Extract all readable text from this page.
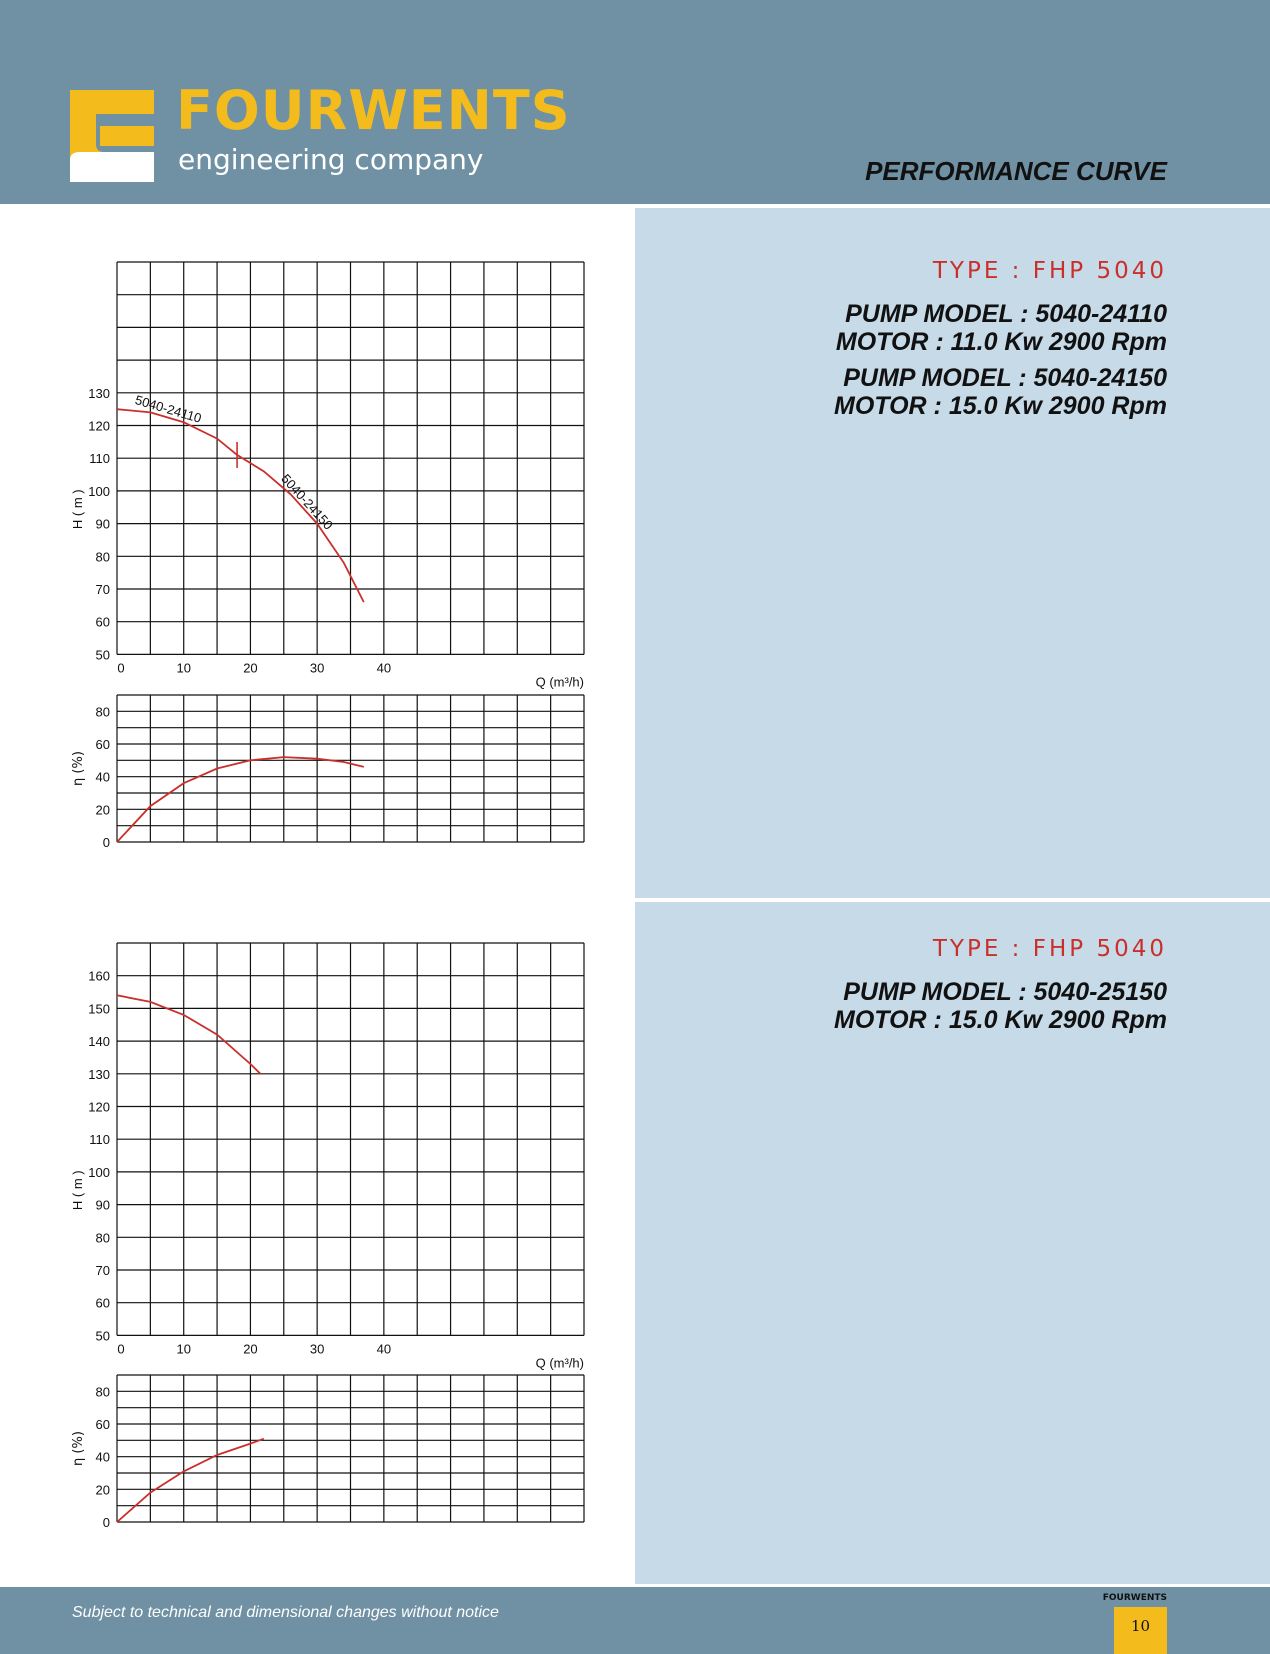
FOURWENTS
engineering company	PERFORMANCE CURVE
TYPE : FHP 5040
PUMP MODEL : 5040-24110
MOTOR : 11.0 Kw 2900 Rpm
PUMP MODEL : 5040-24150
MOTOR : 15.0 Kw 2900 Rpm
TYPE : FHP 5040
PUMP MODEL : 5040-25150
MOTOR : 15.0 Kw 2900 Rpm
50
60
70
80
90
100
110
120
130
0	10	20	30	40
H ( m )
Q (m³/h)
5040-24110
5040-24150
0
20
40
60
80
η (%)
50
60
70
80
90
100
110
120
130
140
150
160
0	10	20	30	40
H ( m )
Q (m³/h)
0
20
40
60
80
η (%)
Subject to technical and dimensional changes without notice
FOURWENTS
10
